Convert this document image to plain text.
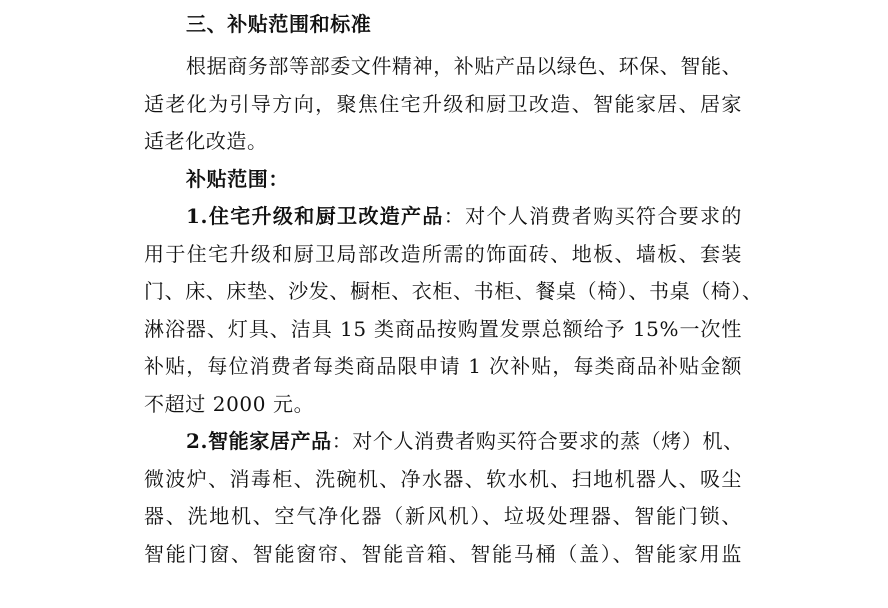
三、补贴范围和标准
根据商务部等部委文件精神，补贴产品以绿色、环保、智能、
适老化为引导方向，聚焦住宅升级和厨卫改造、智能家居、居家
适老化改造。
补贴范围：
1.住宅升级和厨卫改造产品：对个人消费者购买符合要求的
用于住宅升级和厨卫局部改造所需的饰面砖、地板、墙板、套装
门、床、床垫、沙发、橱柜、衣柜、书柜、餐桌（椅）、书桌（椅）、
淋浴器、灯具、洁具 15 类商品按购置发票总额给予 15%一次性
补贴，每位消费者每类商品限申请 1 次补贴，每类商品补贴金额
不超过 2000 元。
2.智能家居产品：对个人消费者购买符合要求的蒸（烤）机、
微波炉、消毒柜、洗碗机、净水器、软水机、扫地机器人、吸尘
器、洗地机、空气净化器（新风机）、垃圾处理器、智能门锁、
智能门窗、智能窗帘、智能音箱、智能马桶（盖）、智能家用监
